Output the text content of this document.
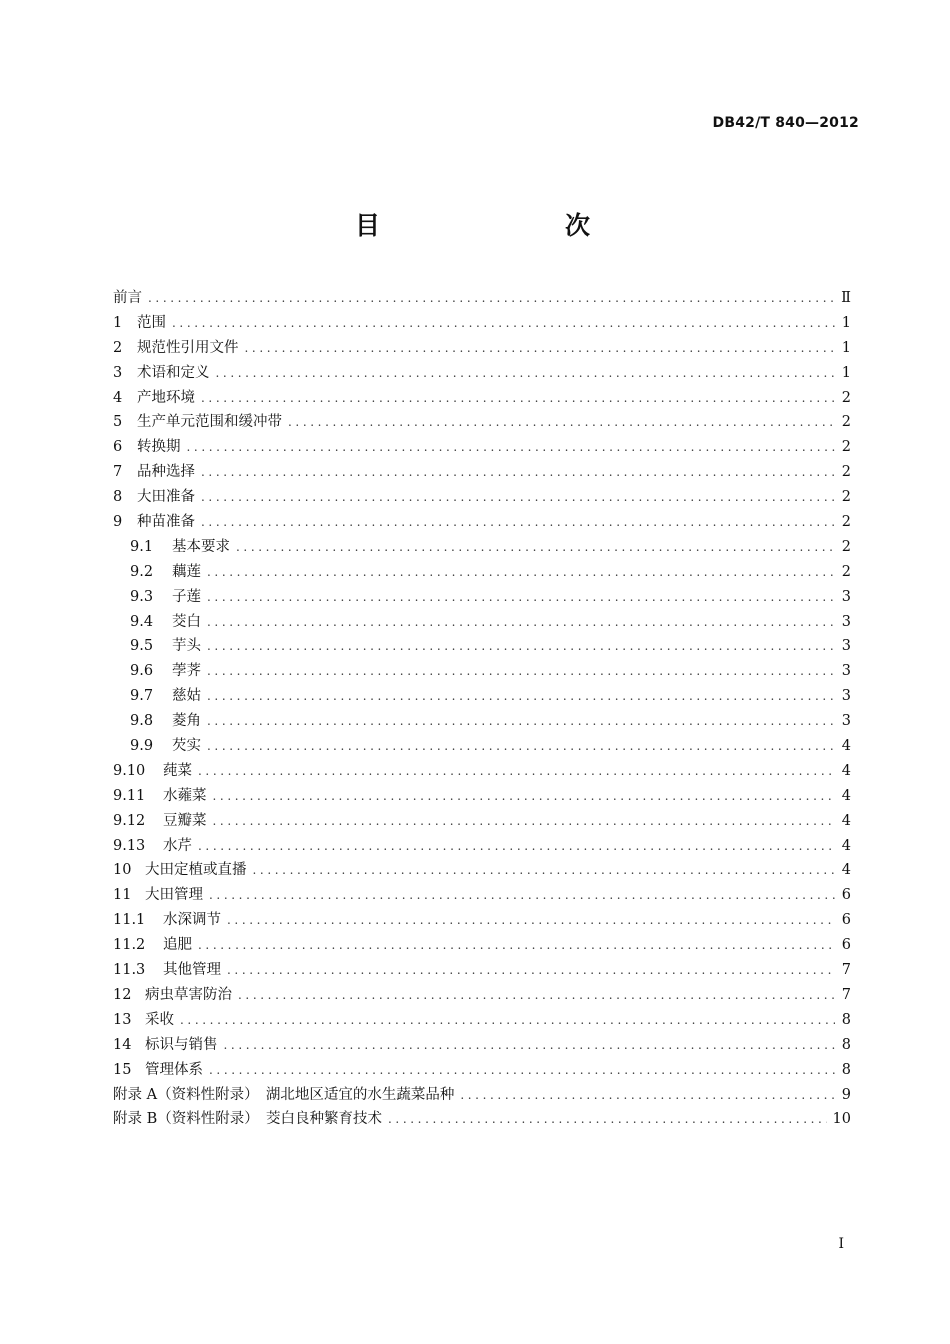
DB42/T 840—2012
目　　次
前言 .....	Ⅱ
1	范围 .....	1
2	规范性引用文件 .....	1
3	术语和定义 .....	1
4	产地环境 .....	2
5	生产单元范围和缓冲带 .....	2
6	转换期 .....	2
7	品种选择 .....	2
8	大田准备 .....	2
9	种苗准备 .....	2
9.1	基本要求 .....	2
9.2	藕莲 .....	2
9.3	子莲 .....	3
9.4	茭白 .....	3
9.5	芋头 .....	3
9.6	荸荠 .....	3
9.7	慈姑 .....	3
9.8	菱角 .....	3
9.9	芡实 .....	4
9.10	莼菜 .....	4
9.11	水蕹菜 .....	4
9.12	豆瓣菜 .....	4
9.13	水芹 .....	4
10 大田定植或直播 .....	4
11 大田管理 .....	6
11.1	水深调节 .....	6
11.2	追肥 .....	6
11.3	其他管理 .....	7
12 病虫草害防治 .....	7
13 采收 .....	8
14 标识与销售 .....	8
15 管理体系 .....	8
附录 A（资料性附录）　湖北地区适宜的水生蔬菜品种 .....	9
附录 B（资料性附录）　茭白良种繁育技术 .....	10
I
